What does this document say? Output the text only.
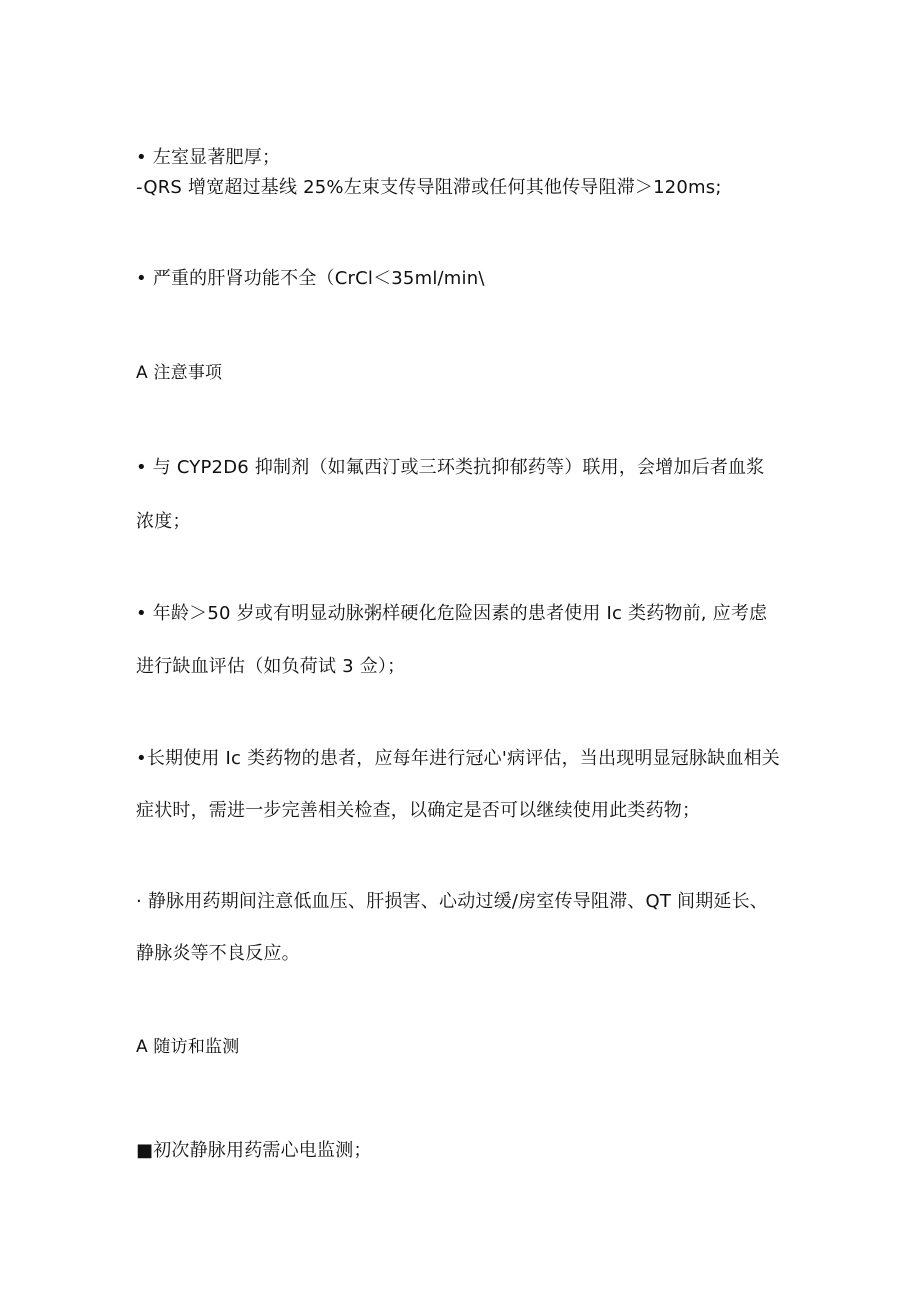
• 左室显著肥厚；
-QRS 增宽超过基线 25%左束支传导阻滞或任何其他传导阻滞＞120ms;
• 严重的肝肾功能不全（CrCl＜35ml∕min\
A 注意事项
• 与 CYP2D6 抑制剂（如氟西汀或三环类抗抑郁药等）联用，会增加后者血浆
浓度；
• 年龄＞50 岁或有明显动脉粥样硬化危险因素的患者使用 Ic 类药物前, 应考虑
进行缺血评估（如负荷试 3 佥）；
•长期使用 Ic 类药物的患者，应每年进行冠心'病评估，当出现明显冠脉缺血相关
症状时，需进一步完善相关检查，以确定是否可以继续使用此类药物；
· 静脉用药期间注意低血压、肝损害、心动过缓/房室传导阻滞、QT 间期延长、
静脉炎等不良反应。
A 随访和监测
■初次静脉用药需心电监测；
